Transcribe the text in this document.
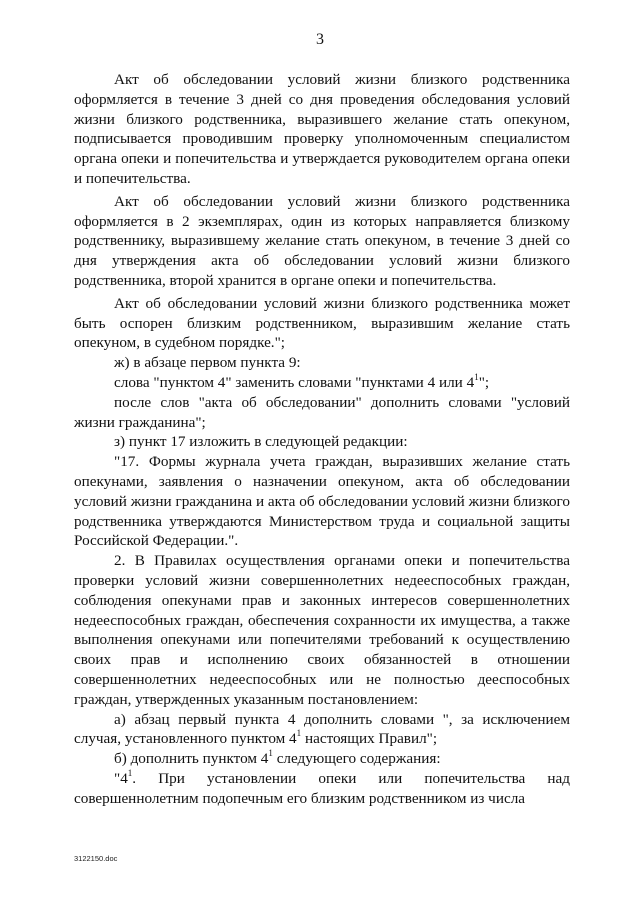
3

Акт об обследовании условий жизни близкого родственника оформляется в течение 3 дней со дня проведения обследования условий жизни близкого родственника, выразившего желание стать опекуном, подписывается проводившим проверку уполномоченным специалистом органа опеки и попечительства и утверждается руководителем органа опеки и попечительства.

Акт об обследовании условий жизни близкого родственника оформляется в 2 экземплярах, один из которых направляется близкому родственнику, выразившему желание стать опекуном, в течение 3 дней со дня утверждения акта об обследовании условий жизни близкого родственника, второй хранится в органе опеки и попечительства.

Акт об обследовании условий жизни близкого родственника может быть оспорен близким родственником, выразившим желание стать опекуном, в судебном порядке.";

ж) в абзаце первом пункта 9:

слова "пунктом 4" заменить словами "пунктами 4 или $4^1$";

после слов "акта об обследовании" дополнить словами "условий жизни гражданина";

з) пункт 17 изложить в следующей редакции:

"17. Формы журнала учета граждан, выразивших желание стать опекунами, заявления о назначении опекуном, акта об обследовании условий жизни гражданина и акта об обследовании условий жизни близкого родственника утверждаются Министерством труда и социальной защиты Российской Федерации.".

2. В Правилах осуществления органами опеки и попечительства проверки условий жизни совершеннолетних недееспособных граждан, соблюдения опекунами прав и законных интересов совершеннолетних недееспособных граждан, обеспечения сохранности их имущества, а также выполнения опекунами или попечителями требований к осуществлению своих прав и исполнению своих обязанностей в отношении совершеннолетних недееспособных или не полностью дееспособных граждан, утвержденных указанным постановлением:

а) абзац первый пункта 4 дополнить словами ", за исключением случая, установленного пунктом $4^1$ настоящих Правил";

б) дополнить пунктом $4^1$ следующего содержания:

"$4^1$. При установлении опеки или попечительства над совершеннолетним подопечным его близким родственником из числа

3122150.doc
